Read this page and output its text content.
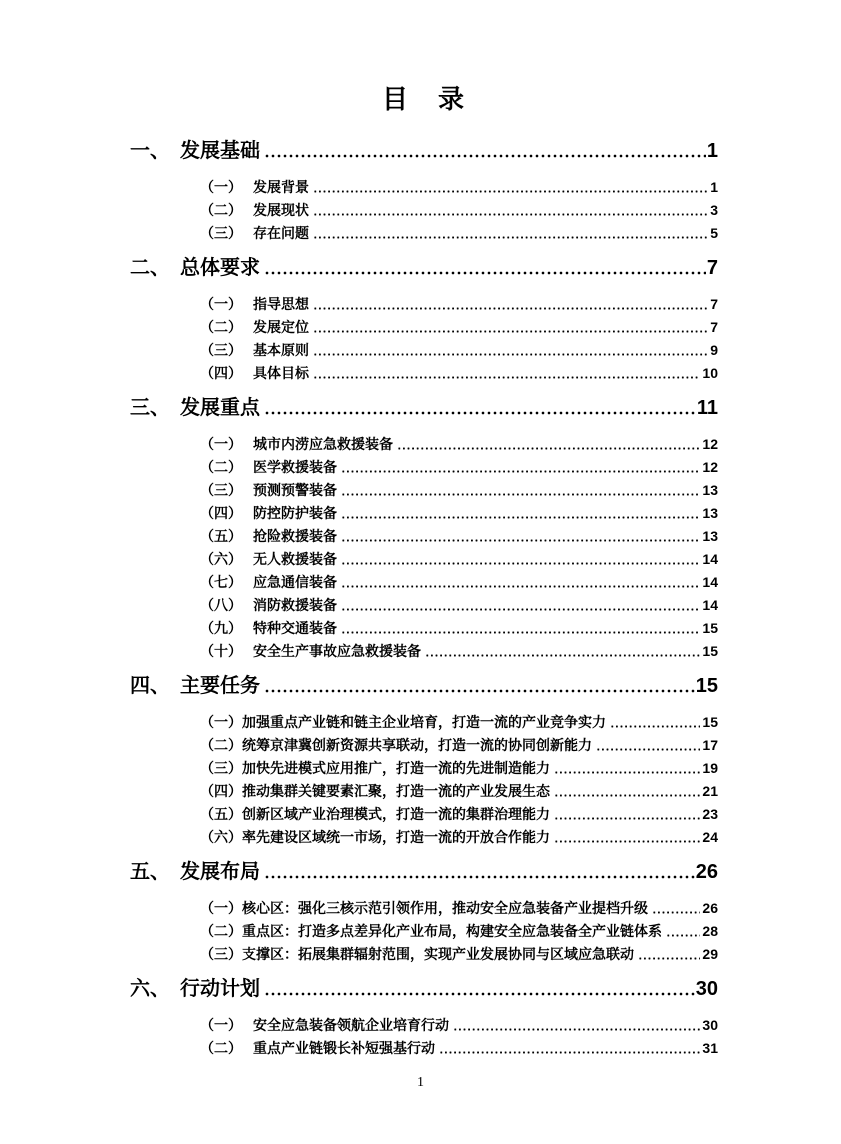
目　录
一、 发展基础	1
（一） 发展背景	1
（二） 发展现状	3
（三） 存在问题	5
二、 总体要求	7
（一） 指导思想	7
（二） 发展定位	7
（三） 基本原则	9
（四） 具体目标	10
三、 发展重点	11
（一） 城市内涝应急救援装备	12
（二） 医学救援装备	12
（三） 预测预警装备	13
（四） 防控防护装备	13
（五） 抢险救援装备	13
（六） 无人救援装备	14
（七） 应急通信装备	14
（八） 消防救援装备	14
（九） 特种交通装备	15
（十） 安全生产事故应急救援装备	15
四、 主要任务	15
（一） 加强重点产业链和链主企业培育，打造一流的产业竞争实力	15
（二） 统筹京津冀创新资源共享联动，打造一流的协同创新能力	17
（三） 加快先进模式应用推广，打造一流的先进制造能力	19
（四） 推动集群关键要素汇聚，打造一流的产业发展生态	21
（五） 创新区域产业治理模式，打造一流的集群治理能力	23
（六） 率先建设区域统一市场，打造一流的开放合作能力	24
五、 发展布局	26
（一） 核心区：强化三核示范引领作用，推动安全应急装备产业提档升级	26
（二） 重点区：打造多点差异化产业布局，构建安全应急装备全产业链体系	28
（三） 支撑区：拓展集群辐射范围，实现产业发展协同与区域应急联动	29
六、 行动计划	30
（一） 安全应急装备领航企业培育行动	30
（二） 重点产业链锻长补短强基行动	31
1
